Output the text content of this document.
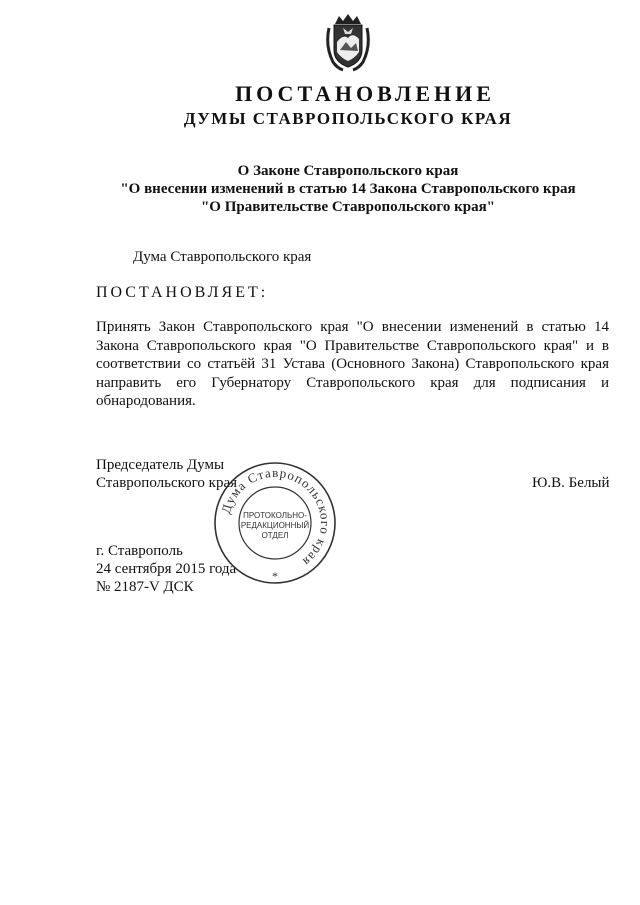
ПОСТАНОВЛЕНИЕ
ДУМЫ СТАВРОПОЛЬСКОГО КРАЯ
О Законе Ставропольского края
"О внесении изменений в статью 14 Закона Ставропольского края
"О Правительстве Ставропольского края"
Дума Ставропольского края
ПОСТАНОВЛЯЕТ:
Принять Закон Ставропольского края "О внесении изменений в статью 14 Закона Ставропольского края "О Правительстве Ставропольского края" и в соответствии со статьёй 31 Устава (Основного Закона) Ставропольского края направить его Губернатору Ставропольского края для подписания и обнародования.
Председатель Думы
Ставропольского края	Ю.В. Белый
г. Ставрополь
24 сентября 2015 года
№ 2187-V ДСК
Думa Ставропольского края
ПРОТОКОЛЬНО-
РЕДАКЦИОННЫЙ
ОТДЕЛ
*
